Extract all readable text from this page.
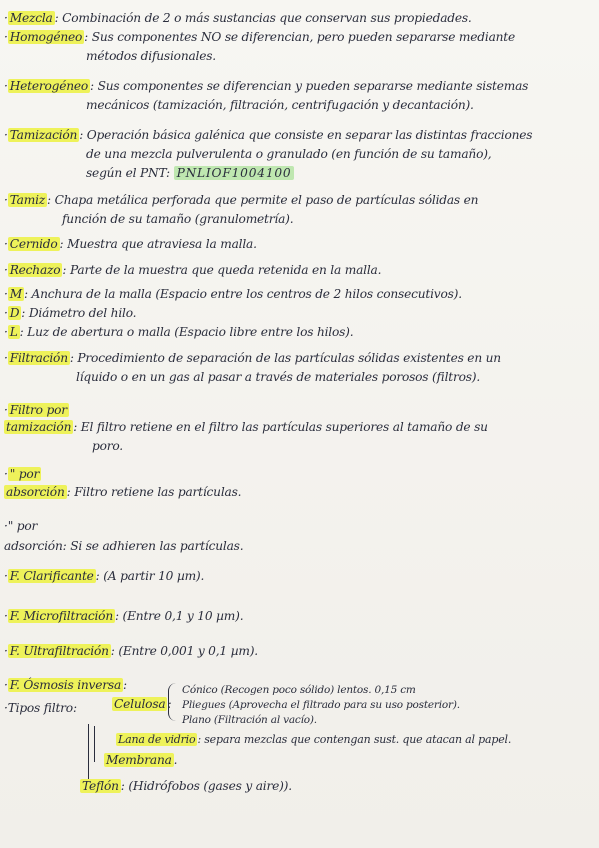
· Mezcla : Combinación de 2 o más sustancias que conservan sus propiedades.
· Homogéneo : Sus componentes NO se diferencian, pero pueden separarse mediante
métodos difusionales.
· Heterogéneo : Sus componentes se diferencian y pueden separarse mediante sistemas
mecánicos (tamización, filtración, centrifugación y decantación).
· Tamización : Operación básica galénica que consiste en separar las distintas fracciones
de una mezcla pulverulenta o granulado (en función de su tamaño),
según el PNT: PNLIOF1004100
· Tamiz : Chapa metálica perforada que permite el paso de partículas sólidas en
función de su tamaño (granulometría).
· Cernido : Muestra que atraviesa la malla.
· Rechazo : Parte de la muestra que queda retenida en la malla.
· M : Anchura de la malla (Espacio entre los centros de 2 hilos consecutivos).
· D : Diámetro del hilo.
· L : Luz de abertura o malla (Espacio libre entre los hilos).
· Filtración : Procedimiento de separación de las partículas sólidas existentes en un
líquido o en un gas al pasar a través de materiales porosos (filtros).
· Filtro por
tamización : El filtro retiene en el filtro las partículas superiores al tamaño de su
poro.
· " por
absorción : Filtro retiene las partículas.
·" por
adsorción: Si se adhieren las partículas.
· F. Clarificante : (A partir 10 µm).
· F. Microfiltración : (Entre 0,1 y 10 µm).
· F. Ultrafiltración : (Entre 0,001 y 0,1 µm).
· F. Ósmosis inversa :
·Tipos filtro:	Celulosa :
Cónico (Recogen poco sólido) lentos. 0,15 cm
Pliegues (Aprovecha el filtrado para su uso posterior).
Plano (Filtración al vacío).
Lana de vidrio : separa mezclas que contengan sust. que atacan al papel.
Membrana .
Teflón : (Hidrófobos (gases y aire)).
